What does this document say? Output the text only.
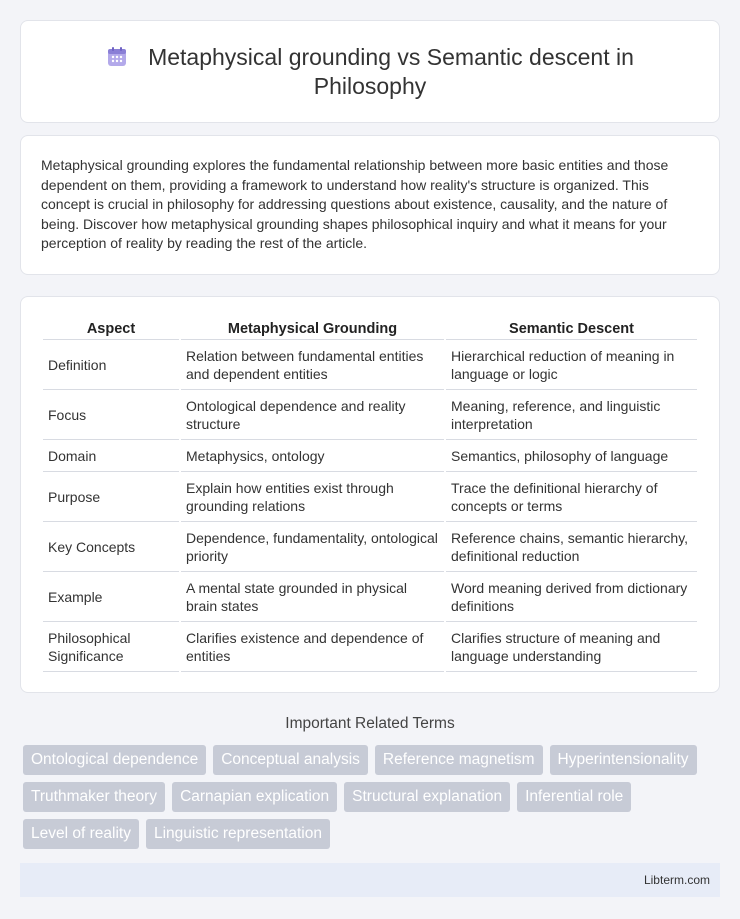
Metaphysical grounding vs Semantic descent in Philosophy

Metaphysical grounding explores the fundamental relationship between more basic entities and those dependent on them, providing a framework to understand how reality's structure is organized. This concept is crucial in philosophy for addressing questions about existence, causality, and the nature of being. Discover how metaphysical grounding shapes philosophical inquiry and what it means for your perception of reality by reading the rest of the article.

Aspect	Metaphysical Grounding	Semantic Descent
Definition	Relation between fundamental entities and dependent entities	Hierarchical reduction of meaning in language or logic
Focus	Ontological dependence and reality structure	Meaning, reference, and linguistic interpretation
Domain	Metaphysics, ontology	Semantics, philosophy of language
Purpose	Explain how entities exist through grounding relations	Trace the definitional hierarchy of concepts or terms
Key Concepts	Dependence, fundamentality, ontological priority	Reference chains, semantic hierarchy, definitional reduction
Example	A mental state grounded in physical brain states	Word meaning derived from dictionary definitions
Philosophical Significance	Clarifies existence and dependence of entities	Clarifies structure of meaning and language understanding
Important Related Terms
Ontological dependence	Conceptual analysis	Reference magnetism	Hyperintensionality
Truthmaker theory	Carnapian explication	Structural explanation	Inferential role
Level of reality	Linguistic representation
Libterm.com
